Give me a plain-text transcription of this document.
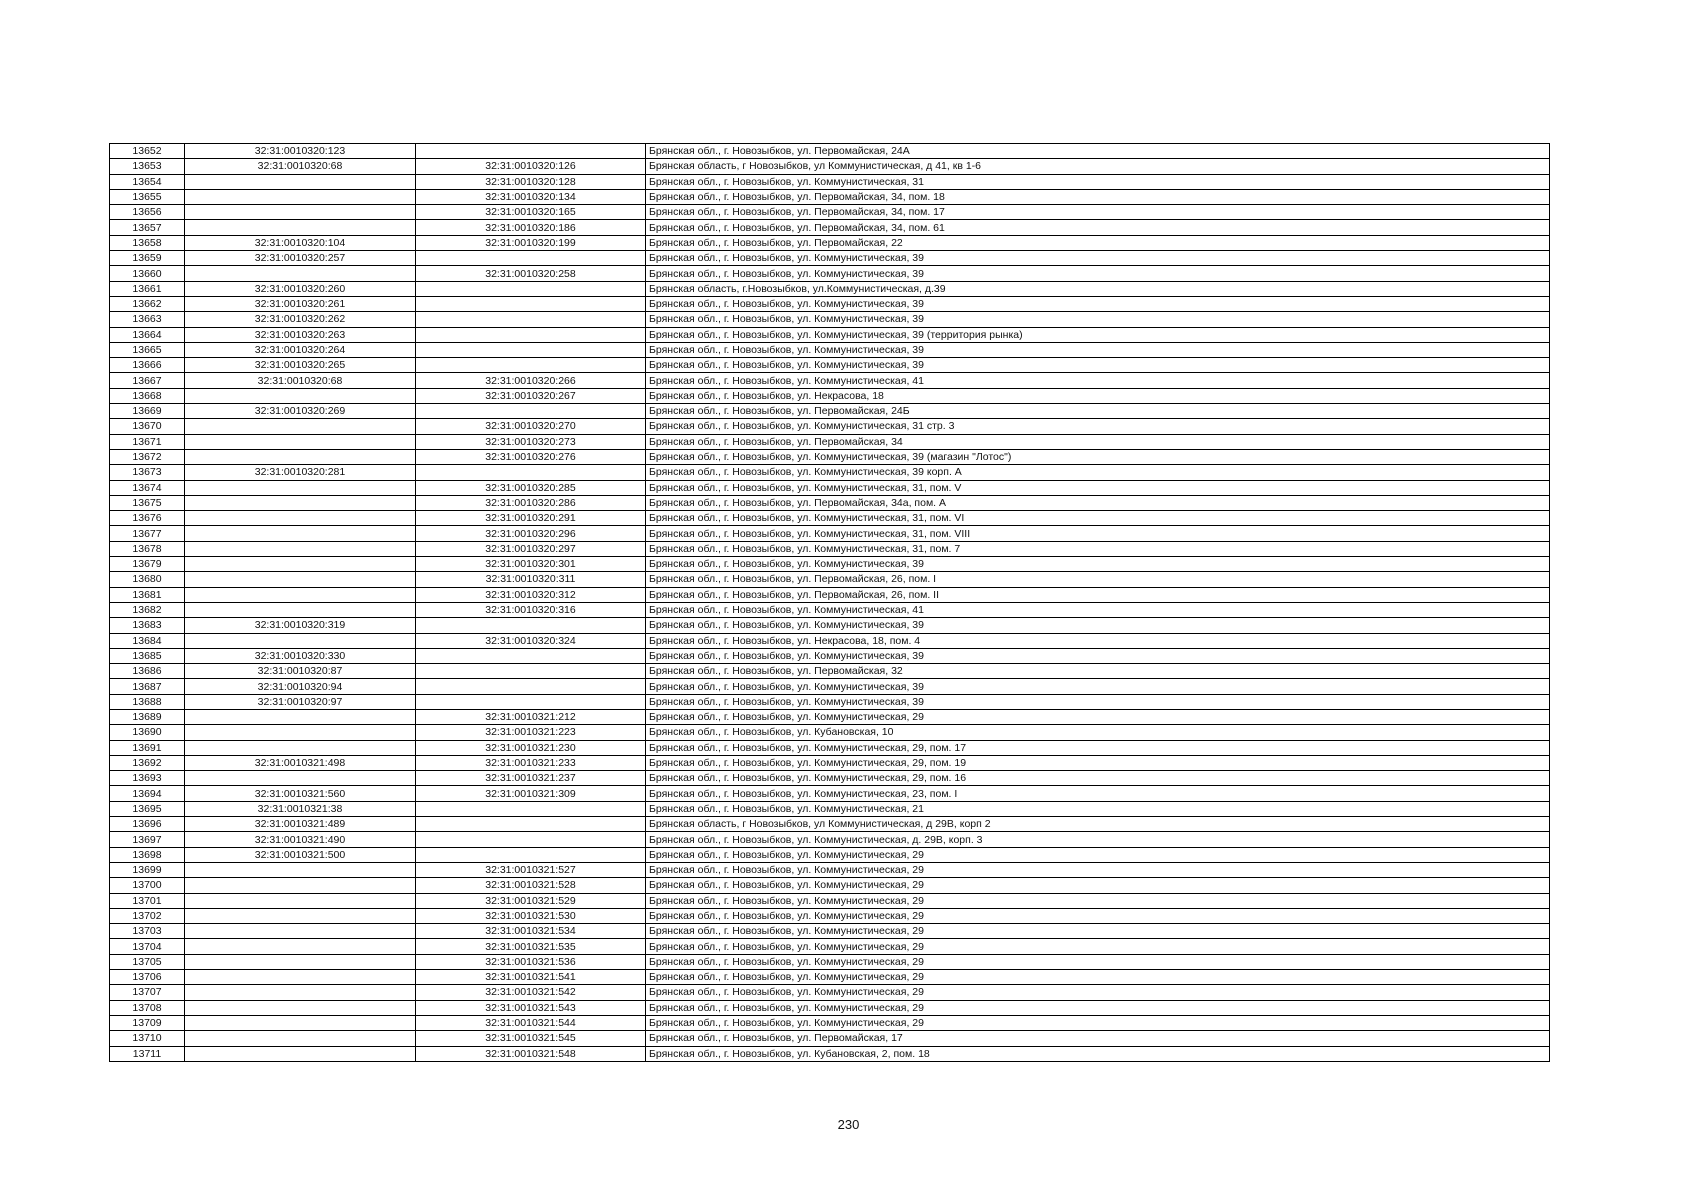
13652	32:31:0010320:123		Брянская обл., г. Новозыбков, ул. Первомайская, 24А
13653	32:31:0010320:68	32:31:0010320:126	Брянская область, г Новозыбков, ул Коммунистическая, д 41, кв 1-6
13654		32:31:0010320:128	Брянская обл., г. Новозыбков, ул. Коммунистическая, 31
13655		32:31:0010320:134	Брянская обл., г. Новозыбков, ул. Первомайская, 34, пом. 18
13656		32:31:0010320:165	Брянская обл., г. Новозыбков, ул. Первомайская, 34, пом. 17
13657		32:31:0010320:186	Брянская обл., г. Новозыбков, ул. Первомайская, 34, пом. 61
13658	32:31:0010320:104	32:31:0010320:199	Брянская обл., г. Новозыбков, ул. Первомайская, 22
13659	32:31:0010320:257		Брянская обл., г. Новозыбков, ул. Коммунистическая, 39
13660		32:31:0010320:258	Брянская обл., г. Новозыбков, ул. Коммунистическая, 39
13661	32:31:0010320:260		Брянская область, г.Новозыбков, ул.Коммунистическая, д.39
13662	32:31:0010320:261		Брянская обл., г. Новозыбков, ул. Коммунистическая, 39
13663	32:31:0010320:262		Брянская обл., г. Новозыбков, ул. Коммунистическая, 39
13664	32:31:0010320:263		Брянская обл., г. Новозыбков, ул. Коммунистическая, 39 (территория рынка)
13665	32:31:0010320:264		Брянская обл., г. Новозыбков, ул. Коммунистическая, 39
13666	32:31:0010320:265		Брянская обл., г. Новозыбков, ул. Коммунистическая, 39
13667	32:31:0010320:68	32:31:0010320:266	Брянская обл., г. Новозыбков, ул. Коммунистическая, 41
13668		32:31:0010320:267	Брянская обл., г. Новозыбков, ул. Некрасова, 18
13669	32:31:0010320:269		Брянская обл., г. Новозыбков, ул. Первомайская, 24Б
13670		32:31:0010320:270	Брянская обл., г. Новозыбков, ул. Коммунистическая, 31 стр. 3
13671		32:31:0010320:273	Брянская обл., г. Новозыбков, ул. Первомайская, 34
13672		32:31:0010320:276	Брянская обл., г. Новозыбков, ул. Коммунистическая, 39 (магазин "Лотос")
13673	32:31:0010320:281		Брянская обл., г. Новозыбков, ул. Коммунистическая, 39 корп. А
13674		32:31:0010320:285	Брянская обл., г. Новозыбков, ул. Коммунистическая, 31, пом. V
13675		32:31:0010320:286	Брянская обл., г. Новозыбков, ул. Первомайская, 34а, пом. А
13676		32:31:0010320:291	Брянская обл., г. Новозыбков, ул. Коммунистическая, 31, пом. VI
13677		32:31:0010320:296	Брянская обл., г. Новозыбков, ул. Коммунистическая, 31, пом. VIII
13678		32:31:0010320:297	Брянская обл., г. Новозыбков, ул. Коммунистическая, 31, пом. 7
13679		32:31:0010320:301	Брянская обл., г. Новозыбков, ул. Коммунистическая, 39
13680		32:31:0010320:311	Брянская обл., г. Новозыбков, ул. Первомайская, 26, пом. I
13681		32:31:0010320:312	Брянская обл., г. Новозыбков, ул. Первомайская, 26, пом. II
13682		32:31:0010320:316	Брянская обл., г. Новозыбков, ул. Коммунистическая, 41
13683	32:31:0010320:319		Брянская обл., г. Новозыбков, ул. Коммунистическая, 39
13684		32:31:0010320:324	Брянская обл., г. Новозыбков, ул. Некрасова, 18, пом. 4
13685	32:31:0010320:330		Брянская обл., г. Новозыбков, ул. Коммунистическая, 39
13686	32:31:0010320:87		Брянская обл., г. Новозыбков, ул. Первомайская, 32
13687	32:31:0010320:94		Брянская обл., г. Новозыбков, ул. Коммунистическая, 39
13688	32:31:0010320:97		Брянская обл., г. Новозыбков, ул. Коммунистическая, 39
13689		32:31:0010321:212	Брянская обл., г. Новозыбков, ул. Коммунистическая, 29
13690		32:31:0010321:223	Брянская обл., г. Новозыбков, ул. Кубановская, 10
13691		32:31:0010321:230	Брянская обл., г. Новозыбков, ул. Коммунистическая, 29, пом. 17
13692	32:31:0010321:498	32:31:0010321:233	Брянская обл., г. Новозыбков, ул. Коммунистическая, 29, пом. 19
13693		32:31:0010321:237	Брянская обл., г. Новозыбков, ул. Коммунистическая, 29, пом. 16
13694	32:31:0010321:560	32:31:0010321:309	Брянская обл., г. Новозыбков, ул. Коммунистическая, 23, пом. I
13695	32:31:0010321:38		Брянская обл., г. Новозыбков, ул. Коммунистическая, 21
13696	32:31:0010321:489		Брянская область, г Новозыбков, ул Коммунистическая, д 29В, корп 2
13697	32:31:0010321:490		Брянская обл., г. Новозыбков, ул. Коммунистическая, д. 29В, корп. 3
13698	32:31:0010321:500		Брянская обл., г. Новозыбков, ул. Коммунистическая, 29
13699		32:31:0010321:527	Брянская обл., г. Новозыбков, ул. Коммунистическая, 29
13700		32:31:0010321:528	Брянская обл., г. Новозыбков, ул. Коммунистическая, 29
13701		32:31:0010321:529	Брянская обл., г. Новозыбков, ул. Коммунистическая, 29
13702		32:31:0010321:530	Брянская обл., г. Новозыбков, ул. Коммунистическая, 29
13703		32:31:0010321:534	Брянская обл., г. Новозыбков, ул. Коммунистическая, 29
13704		32:31:0010321:535	Брянская обл., г. Новозыбков, ул. Коммунистическая, 29
13705		32:31:0010321:536	Брянская обл., г. Новозыбков, ул. Коммунистическая, 29
13706		32:31:0010321:541	Брянская обл., г. Новозыбков, ул. Коммунистическая, 29
13707		32:31:0010321:542	Брянская обл., г. Новозыбков, ул. Коммунистическая, 29
13708		32:31:0010321:543	Брянская обл., г. Новозыбков, ул. Коммунистическая, 29
13709		32:31:0010321:544	Брянская обл., г. Новозыбков, ул. Коммунистическая, 29
13710		32:31:0010321:545	Брянская обл., г. Новозыбков, ул. Первомайская, 17
13711		32:31:0010321:548	Брянская обл., г. Новозыбков, ул. Кубановская, 2, пом. 18
230
